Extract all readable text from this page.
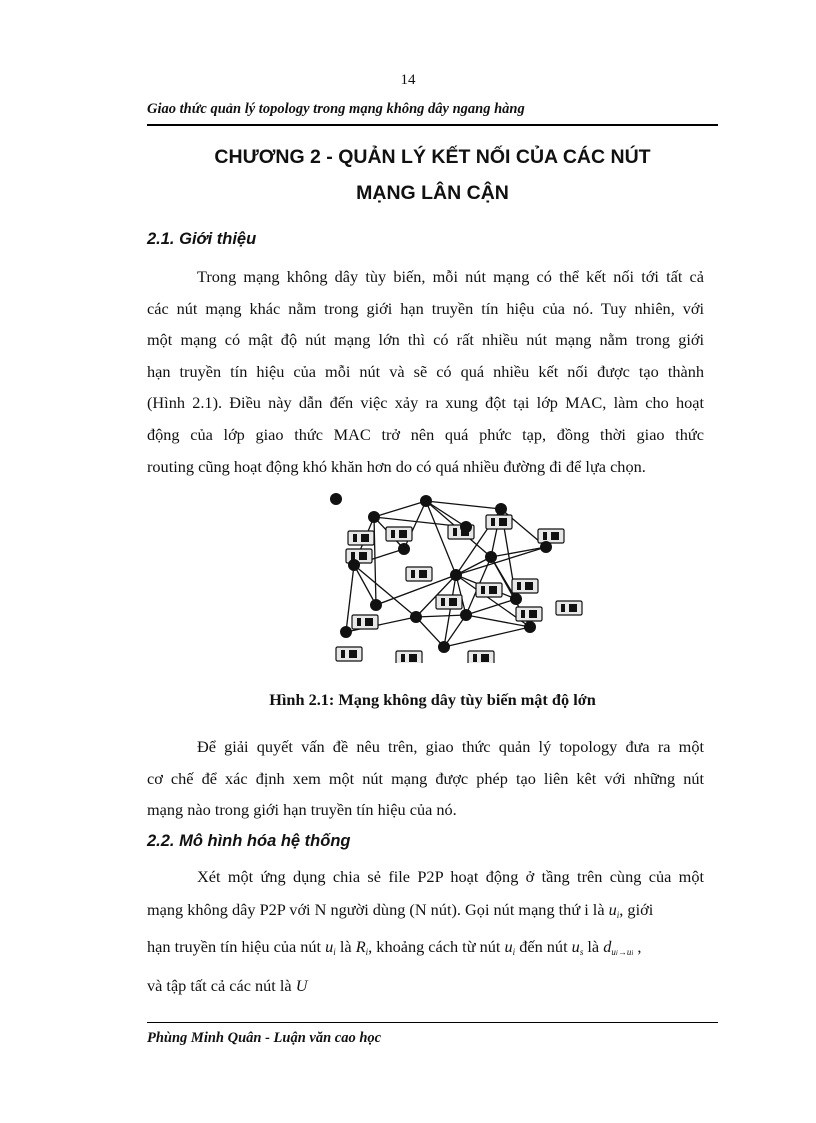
14
Giao thức quản lý topology trong mạng không dây ngang hàng
CHƯƠNG 2 - QUẢN LÝ KẾT NỐI CỦA CÁC NÚT
MẠNG LÂN CẬN
2.1. Giới thiệu
Trong mạng không dây tùy biến, mỗi nút mạng có thể kết nối tới tất cả
các nút mạng khác nằm trong giới hạn truyền tín hiệu của nó. Tuy nhiên, với
một mạng có mật độ nút mạng lớn thì có rất nhiều nút mạng nằm trong giới
hạn truyền tín hiệu của mỗi nút và sẽ có quá nhiều kết nối được tạo thành
(Hình 2.1). Điều này dẫn đến việc xảy ra xung đột tại lớp MAC, làm cho hoạt
động của lớp giao thức MAC trở nên quá phức tạp, đồng thời giao thức
routing cũng hoạt động khó khăn hơn do có quá nhiều đường đi để lựa chọn.
Hình 2.1: Mạng không dây tùy biến mật độ lớn
Để giải quyết vấn đề nêu trên, giao thức quản lý topology đưa ra một
cơ chế để xác định xem một nút mạng được phép tạo liên kêt với những nút
mạng nào trong giới hạn truyền tín hiệu của nó.
2.2. Mô hình hóa hệ thống
Xét một ứng dụng chia sẻ file P2P hoạt động ở tầng trên cùng của một
mạng không dây P2P với N người dùng (N nút). Gọi nút mạng thứ i là $u_i$, giới
hạn truyền tín hiệu của nút $u_i$ là $R_i$, khoảng cách từ nút $u_i$ đến nút $u_s$ là $d_{ui\to ui}$ ,
và tập tất cả các nút là U
Phùng Minh Quân - Luận văn cao học
